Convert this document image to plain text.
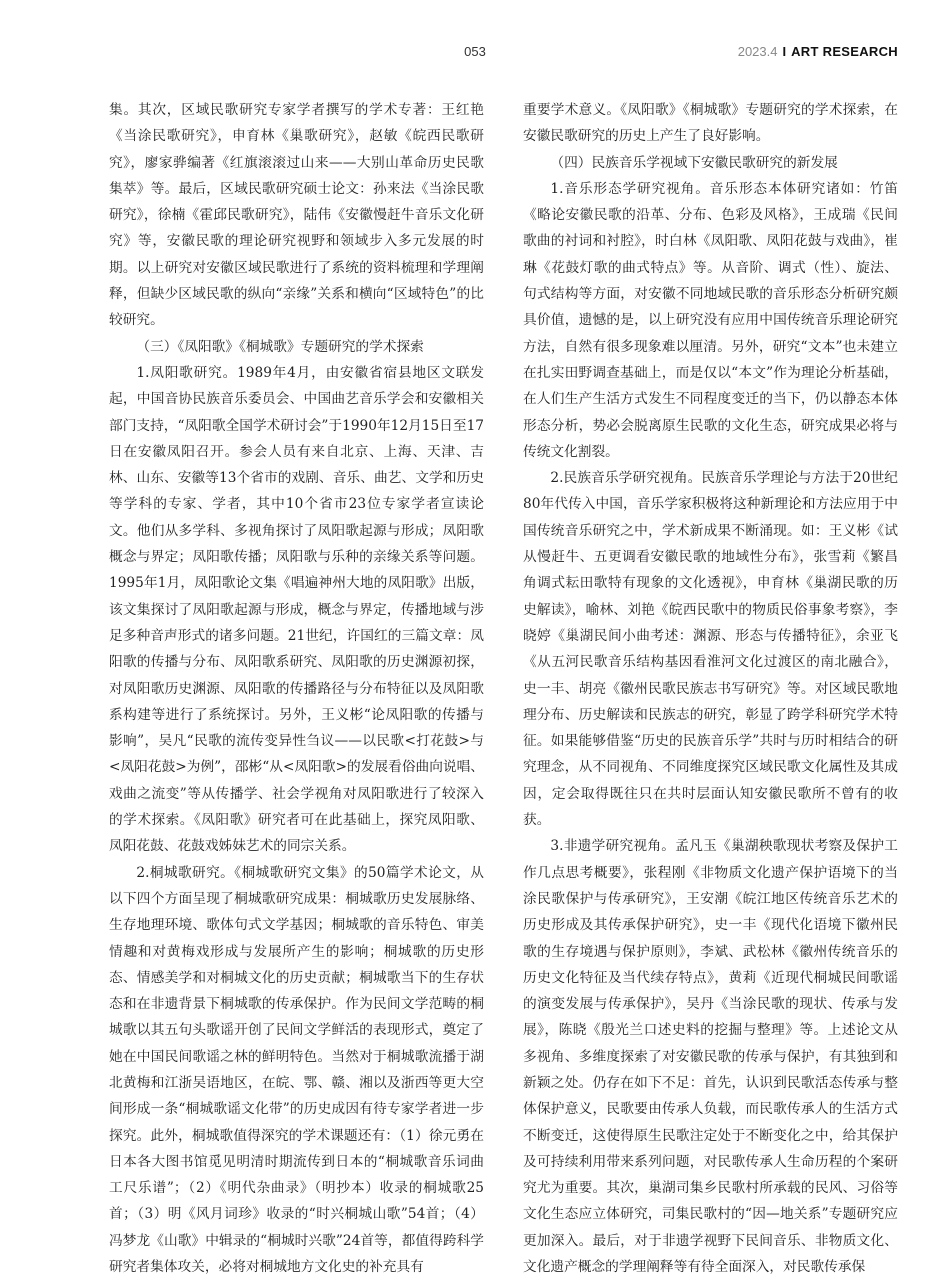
053	2023.4 I ART RESEARCH

集。其次，区域民歌研究专家学者撰写的学术专著：王红艳《当涂民歌研究》，申育林《巢歌研究》，赵敏《皖西民歌研究》，廖家骅编著《红旗滚滚过山来——大别山革命历史民歌集萃》等。最后，区域民歌研究硕士论文：孙来法《当涂民歌研究》，徐楠《霍邱民歌研究》，陆伟《安徽慢赶牛音乐文化研究》等，安徽民歌的理论研究视野和领域步入多元发展的时期。以上研究对安徽区域民歌进行了系统的资料梳理和学理阐释，但缺少区域民歌的纵向“亲缘”关系和横向“区域特色”的比较研究。

（三）《凤阳歌》《桐城歌》专题研究的学术探索

1.凤阳歌研究。1989年4月，由安徽省宿县地区文联发起，中国音协民族音乐委员会、中国曲艺音乐学会和安徽相关部门支持，“凤阳歌全国学术研讨会”于1990年12月15日至17日在安徽凤阳召开。参会人员有来自北京、上海、天津、吉林、山东、安徽等13个省市的戏剧、音乐、曲艺、文学和历史等学科的专家、学者，其中10个省市23位专家学者宣读论文。他们从多学科、多视角探讨了凤阳歌起源与形成；凤阳歌概念与界定；凤阳歌传播；凤阳歌与乐种的亲缘关系等问题。1995年1月，凤阳歌论文集《唱遍神州大地的凤阳歌》出版，该文集探讨了凤阳歌起源与形成，概念与界定，传播地域与涉足多种音声形式的诸多问题。21世纪，许国红的三篇文章：凤阳歌的传播与分布、凤阳歌系研究、凤阳歌的历史渊源初探，对凤阳歌历史渊源、凤阳歌的传播路径与分布特征以及凤阳歌系构建等进行了系统探讨。另外，王义彬“论凤阳歌的传播与影响”，吴凡“民歌的流传变异性刍议——以民歌<打花鼓>与<凤阳花鼓>为例”，邵彬“从<凤阳歌>的发展看俗曲向说唱、戏曲之流变”等从传播学、社会学视角对凤阳歌进行了较深入的学术探索。《凤阳歌》研究者可在此基础上，探究凤阳歌、凤阳花鼓、花鼓戏姊妹艺术的同宗关系。

2.桐城歌研究。《桐城歌研究文集》的50篇学术论文，从以下四个方面呈现了桐城歌研究成果：桐城歌历史发展脉络、生存地理环境、歌体句式文学基因；桐城歌的音乐特色、审美情趣和对黄梅戏形成与发展所产生的影响；桐城歌的历史形态、情感美学和对桐城文化的历史贡献；桐城歌当下的生存状态和在非遗背景下桐城歌的传承保护。作为民间文学范畴的桐城歌以其五句头歌谣开创了民间文学鲜活的表现形式，奠定了她在中国民间歌谣之林的鲜明特色。当然对于桐城歌流播于湖北黄梅和江浙吴语地区，在皖、鄂、赣、湘以及浙西等更大空间形成一条“桐城歌谣文化带”的历史成因有待专家学者进一步探究。此外，桐城歌值得深究的学术课题还有：（1）徐元勇在日本各大图书馆觅见明清时期流传到日本的“桐城歌音乐词曲工尺乐谱”；（2）《明代杂曲录》（明抄本）收录的桐城歌25首；（3）明《风月词珍》收录的“时兴桐城山歌”54首；（4）冯梦龙《山歌》中辑录的“桐城时兴歌”24首等，都值得跨科学研究者集体攻关，必将对桐城地方文化史的补充具有

重要学术意义。《凤阳歌》《桐城歌》专题研究的学术探索，在安徽民歌研究的历史上产生了良好影响。

（四）民族音乐学视域下安徽民歌研究的新发展

1.音乐形态学研究视角。音乐形态本体研究诸如：竹笛《略论安徽民歌的沿革、分布、色彩及风格》，王成瑞《民间歌曲的衬词和衬腔》，时白林《凤阳歌、凤阳花鼓与戏曲》，崔琳《花鼓灯歌的曲式特点》等。从音阶、调式（性）、旋法、句式结构等方面，对安徽不同地域民歌的音乐形态分析研究颇具价值，遗憾的是，以上研究没有应用中国传统音乐理论研究方法，自然有很多现象难以厘清。另外，研究“文本”也未建立在扎实田野调查基础上，而是仅以“本文”作为理论分析基础，在人们生产生活方式发生不同程度变迁的当下，仍以静态本体形态分析，势必会脱离原生民歌的文化生态，研究成果必将与传统文化割裂。

2.民族音乐学研究视角。民族音乐学理论与方法于20世纪80年代传入中国，音乐学家积极将这种新理论和方法应用于中国传统音乐研究之中，学术新成果不断涌现。如：王义彬《试从慢赶牛、五更调看安徽民歌的地域性分布》，张雪莉《繁昌角调式耘田歌特有现象的文化透视》，申育林《巢湖民歌的历史解读》，喻林、刘艳《皖西民歌中的物质民俗事象考察》，李晓婷《巢湖民间小曲考述：渊源、形态与传播特征》，余亚飞《从五河民歌音乐结构基因看淮河文化过渡区的南北融合》，史一丰、胡亮《徽州民歌民族志书写研究》等。对区域民歌地理分布、历史解读和民族志的研究，彰显了跨学科研究学术特征。如果能够借鉴“历史的民族音乐学”共时与历时相结合的研究理念，从不同视角、不同维度探究区域民歌文化属性及其成因，定会取得既往只在共时层面认知安徽民歌所不曾有的收获。

3.非遗学研究视角。孟凡玉《巢湖秧歌现状考察及保护工作几点思考概要》，张程刚《非物质文化遗产保护语境下的当涂民歌保护与传承研究》，王安潮《皖江地区传统音乐艺术的历史形成及其传承保护研究》，史一丰《现代化语境下徽州民歌的生存境遇与保护原则》，李斌、武松林《徽州传统音乐的历史文化特征及当代续存特点》，黄莉《近现代桐城民间歌谣的演变发展与传承保护》，吴丹《当涂民歌的现状、传承与发展》，陈晓《殷光兰口述史料的挖掘与整理》等。上述论文从多视角、多维度探索了对安徽民歌的传承与保护，有其独到和新颖之处。仍存在如下不足：首先，认识到民歌活态传承与整体保护意义，民歌要由传承人负载，而民歌传承人的生活方式不断变迁，这使得原生民歌注定处于不断变化之中，给其保护及可持续利用带来系列问题，对民歌传承人生命历程的个案研究尤为重要。其次，巢湖司集乡民歌村所承载的民风、习俗等文化生态应立体研究，司集民歌村的“因—地关系”专题研究应更加深入。最后，对于非遗学视野下民间音乐、非物质文化、文化遗产概念的学理阐释等有待全面深入，对民歌传承保
